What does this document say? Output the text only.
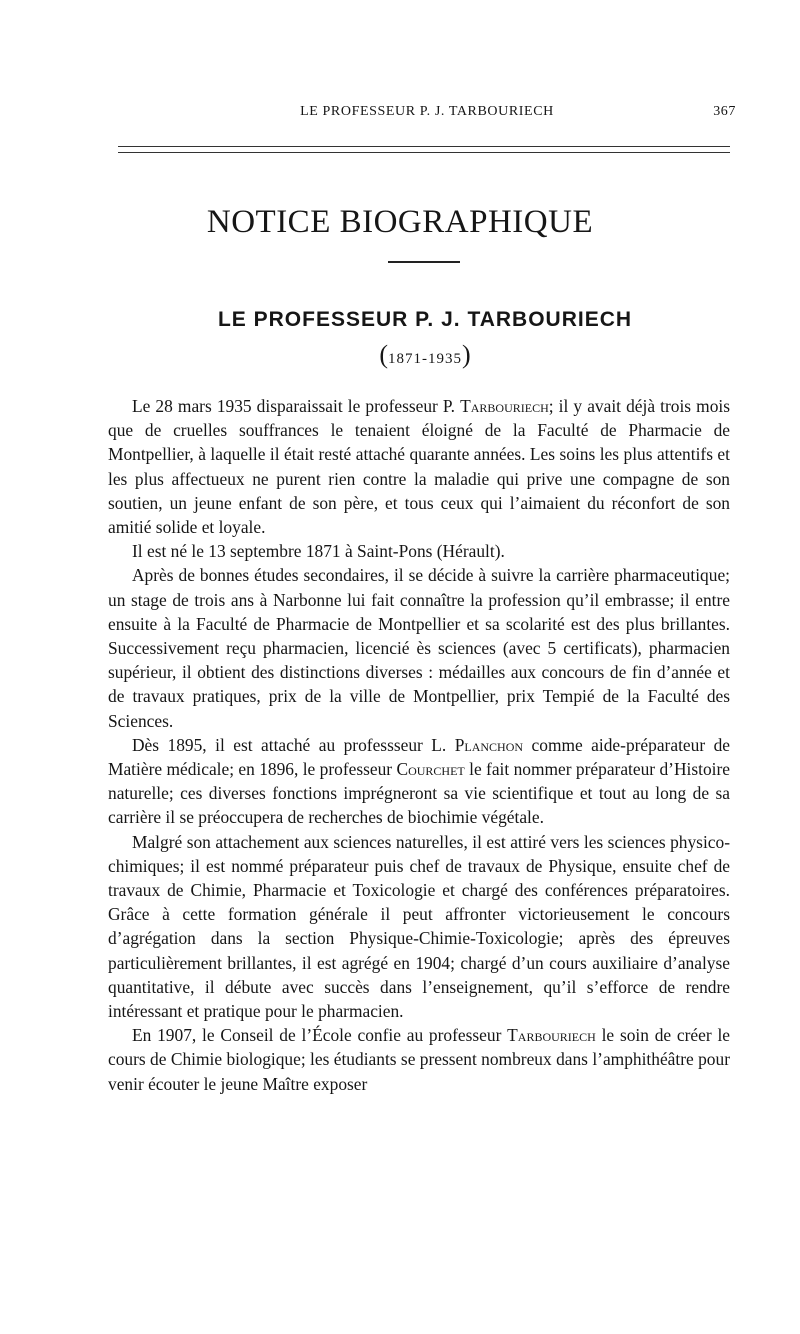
LE PROFESSEUR P. J. TARBOURIECH	367
NOTICE BIOGRAPHIQUE
LE PROFESSEUR P. J. TARBOURIECH
(1871-1935)

Le 28 mars 1935 disparaissait le professeur P. Tarbouriech; il y avait déjà trois mois que de cruelles souffrances le tenaient éloigné de la Faculté de Pharmacie de Montpellier, à laquelle il était resté attaché quarante années. Les soins les plus attentifs et les plus affectueux ne purent rien contre la maladie qui prive une compagne de son soutien, un jeune enfant de son père, et tous ceux qui l’aimaient du réconfort de son amitié solide et loyale.

Il est né le 13 septembre 1871 à Saint-Pons (Hérault).

Après de bonnes études secondaires, il se décide à suivre la carrière pharmaceutique; un stage de trois ans à Narbonne lui fait connaître la profession qu’il embrasse; il entre ensuite à la Faculté de Pharmacie de Montpellier et sa scolarité est des plus brillantes. Successivement reçu pharmacien, licencié ès sciences (avec 5 certificats), pharmacien supérieur, il obtient des distinctions diverses : médailles aux concours de fin d’année et de travaux pratiques, prix de la ville de Montpellier, prix Tempié de la Faculté des Sciences.

Dès 1895, il est attaché au professseur L. Planchon comme aide-préparateur de Matière médicale; en 1896, le professeur Courchet le fait nommer préparateur d’Histoire naturelle; ces diverses fonctions imprégneront sa vie scientifique et tout au long de sa carrière il se préoccupera de recherches de biochimie végétale.

Malgré son attachement aux sciences naturelles, il est attiré vers les sciences physico-chimiques; il est nommé préparateur puis chef de travaux de Physique, ensuite chef de travaux de Chimie, Pharmacie et Toxicologie et chargé des conférences préparatoires. Grâce à cette formation générale il peut affronter victorieusement le concours d’agrégation dans la section Physique-Chimie-Toxicologie; après des épreuves particulièrement brillantes, il est agrégé en 1904; chargé d’un cours auxiliaire d’analyse quantitative, il débute avec succès dans l’enseignement, qu’il s’efforce de rendre intéressant et pratique pour le pharmacien.

En 1907, le Conseil de l’École confie au professeur Tarbouriech le soin de créer le cours de Chimie biologique; les étudiants se pressent nombreux dans l’amphithéâtre pour venir écouter le jeune Maître exposer
